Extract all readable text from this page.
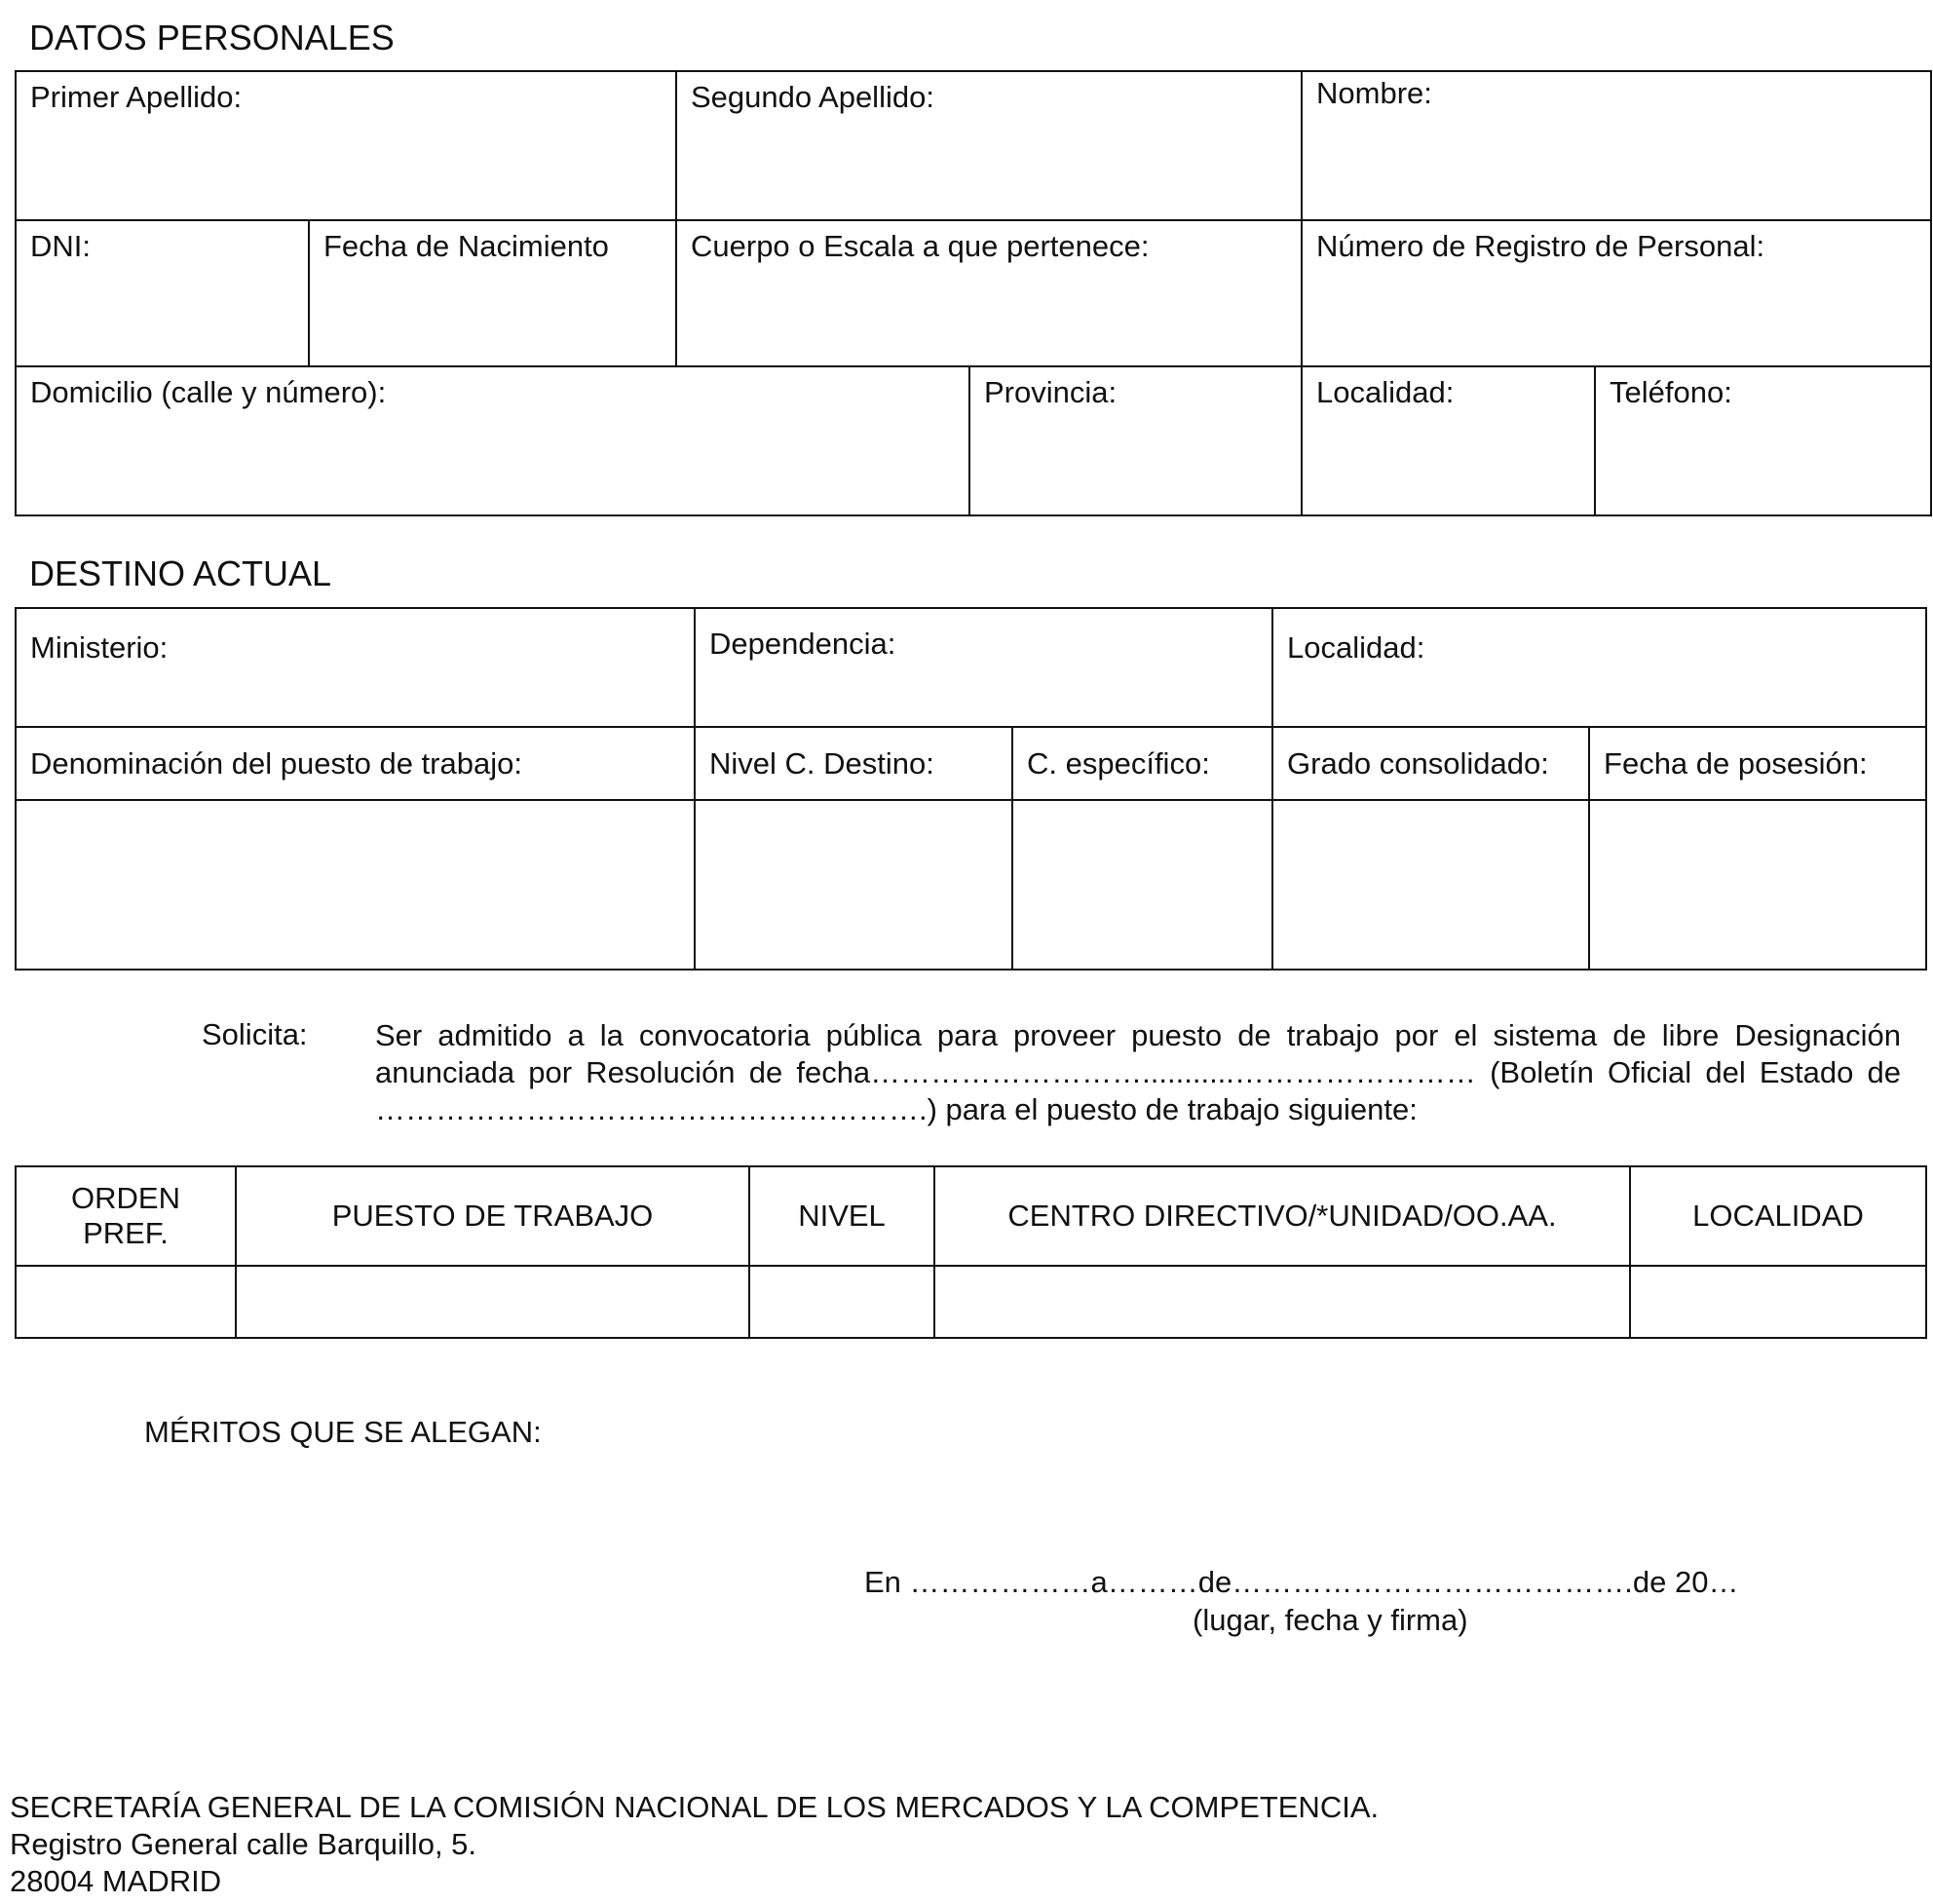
DATOS PERSONALES
Primer Apellido:		Segundo Apellido:		Nombre:	

DNI:	Fecha de Nacimiento	Cuerpo o Escala a que pertenece:		Número de Registro de Personal:	

Domicilio (calle y número):			Provincia:	Localidad:	Teléfono:
DESTINO ACTUAL
Ministerio:	Dependencia:		Localidad:	

Denominación del puesto de trabajo:	Nivel C. Destino:	C. específico:	Grado consolidado:	Fecha de posesión:

Solicita: Ser admitido a la convocatoria pública para proveer puesto de trabajo por el sistema de libre Designación
anunciada por Resolución de fecha………………………...........…………………… (Boletín Oficial del Estado de
……………………………………………….) para el puesto de trabajo siguiente:
ORDEN
PREF.	PUESTO DE TRABAJO	NIVEL	CENTRO DIRECTIVO/*UNIDAD/OO.AA.	LOCALIDAD

MÉRITOS QUE SE ALEGAN:
En ………………a………de………………………………….de 20…
(lugar, fecha y firma)
SECRETARÍA GENERAL DE LA COMISIÓN NACIONAL DE LOS MERCADOS Y LA COMPETENCIA.
Registro General calle Barquillo, 5.
28004 MADRID
